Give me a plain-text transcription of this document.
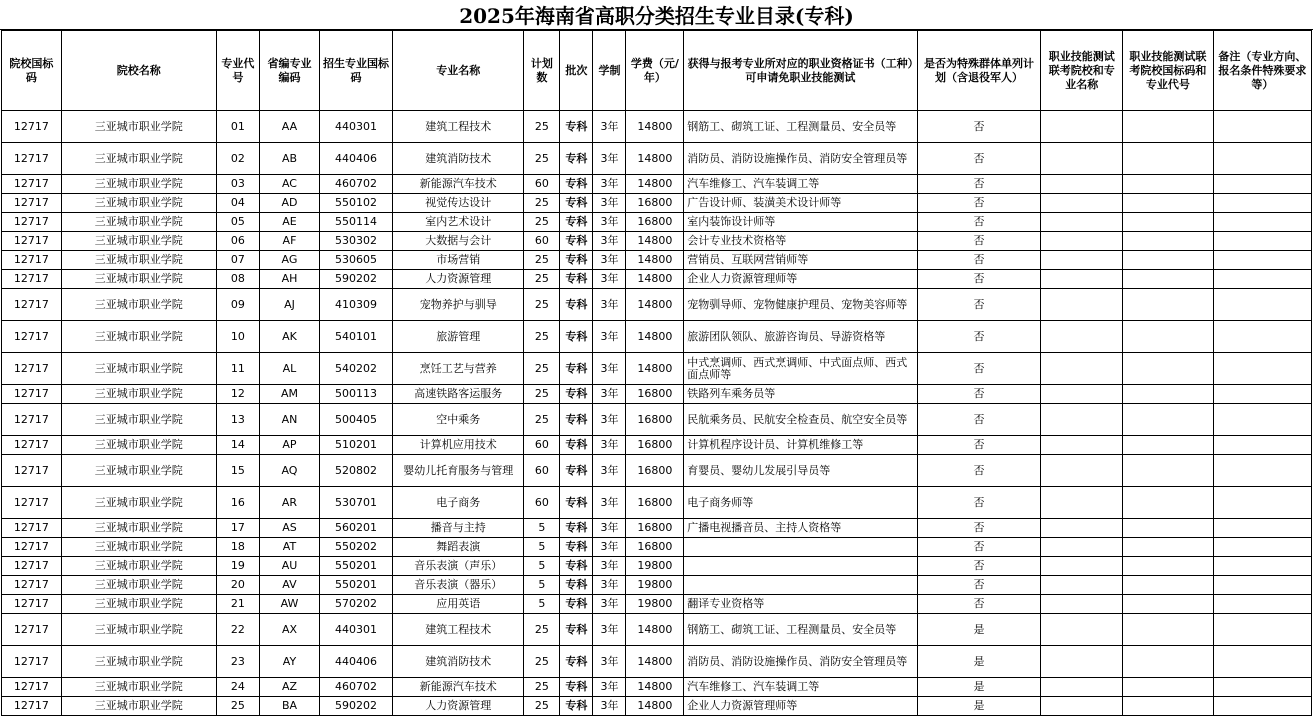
2025年海南省高职分类招生专业目录(专科)
院校国标码	院校名称	专业代号	省编专业编码	招生专业国标码	专业名称	计划数	批次	学制	学费（元/年）	获得与报考专业所对应的职业资格证书（工种）可申请免职业技能测试	是否为特殊群体单列计划（含退役军人）	职业技能测试联考院校和专业名称	职业技能测试联考院校国标码和专业代号	备注（专业方向、报名条件特殊要求等）
12717	三亚城市职业学院	01	AA	440301	建筑工程技术	25	专科	3年	14800	钢筋工、砌筑工证、工程测量员、安全员等	否			
12717	三亚城市职业学院	02	AB	440406	建筑消防技术	25	专科	3年	14800	消防员、消防设施操作员、消防安全管理员等	否			
12717	三亚城市职业学院	03	AC	460702	新能源汽车技术	60	专科	3年	14800	汽车维修工、汽车装调工等	否			
12717	三亚城市职业学院	04	AD	550102	视觉传达设计	25	专科	3年	16800	广告设计师、装潢美术设计师等	否			
12717	三亚城市职业学院	05	AE	550114	室内艺术设计	25	专科	3年	16800	室内装饰设计师等	否			
12717	三亚城市职业学院	06	AF	530302	大数据与会计	60	专科	3年	14800	会计专业技术资格等	否			
12717	三亚城市职业学院	07	AG	530605	市场营销	25	专科	3年	14800	营销员、互联网营销师等	否			
12717	三亚城市职业学院	08	AH	590202	人力资源管理	25	专科	3年	14800	企业人力资源管理师等	否			
12717	三亚城市职业学院	09	AJ	410309	宠物养护与驯导	25	专科	3年	14800	宠物驯导师、宠物健康护理员、宠物美容师等	否			
12717	三亚城市职业学院	10	AK	540101	旅游管理	25	专科	3年	14800	旅游团队领队、旅游咨询员、导游资格等	否			
12717	三亚城市职业学院	11	AL	540202	烹饪工艺与营养	25	专科	3年	14800	中式烹调师、西式烹调师、中式面点师、西式面点师等	否			
12717	三亚城市职业学院	12	AM	500113	高速铁路客运服务	25	专科	3年	16800	铁路列车乘务员等	否			
12717	三亚城市职业学院	13	AN	500405	空中乘务	25	专科	3年	16800	民航乘务员、民航安全检查员、航空安全员等	否			
12717	三亚城市职业学院	14	AP	510201	计算机应用技术	60	专科	3年	16800	计算机程序设计员、计算机维修工等	否			
12717	三亚城市职业学院	15	AQ	520802	婴幼儿托育服务与管理	60	专科	3年	16800	育婴员、婴幼儿发展引导员等	否			
12717	三亚城市职业学院	16	AR	530701	电子商务	60	专科	3年	16800	电子商务师等	否			
12717	三亚城市职业学院	17	AS	560201	播音与主持	5	专科	3年	16800	广播电视播音员、主持人资格等	否			
12717	三亚城市职业学院	18	AT	550202	舞蹈表演	5	专科	3年	16800		否			
12717	三亚城市职业学院	19	AU	550201	音乐表演（声乐）	5	专科	3年	19800		否			
12717	三亚城市职业学院	20	AV	550201	音乐表演（器乐）	5	专科	3年	19800		否			
12717	三亚城市职业学院	21	AW	570202	应用英语	5	专科	3年	19800	翻译专业资格等	否			
12717	三亚城市职业学院	22	AX	440301	建筑工程技术	25	专科	3年	14800	钢筋工、砌筑工证、工程测量员、安全员等	是			
12717	三亚城市职业学院	23	AY	440406	建筑消防技术	25	专科	3年	14800	消防员、消防设施操作员、消防安全管理员等	是			
12717	三亚城市职业学院	24	AZ	460702	新能源汽车技术	25	专科	3年	14800	汽车维修工、汽车装调工等	是			
12717	三亚城市职业学院	25	BA	590202	人力资源管理	25	专科	3年	14800	企业人力资源管理师等	是			
